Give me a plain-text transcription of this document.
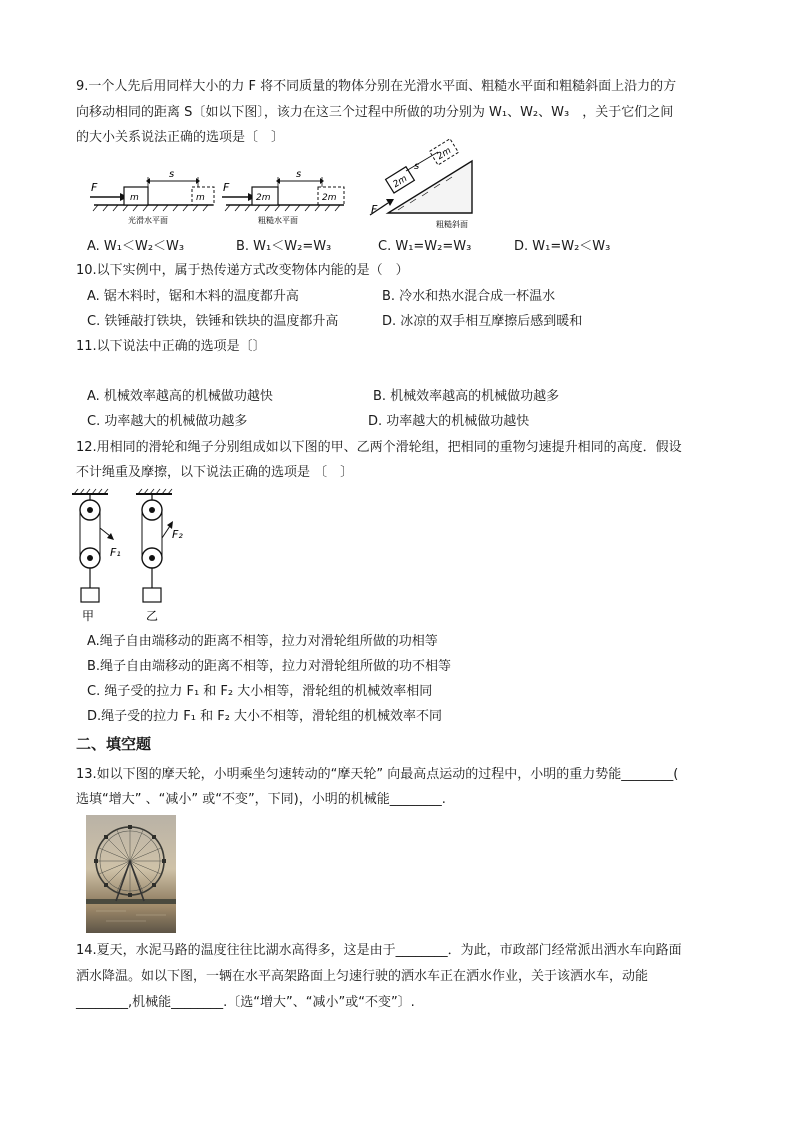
9.一个人先后用同样大小的力 F 将不同质量的物体分别在光滑水平面、粗糙水平面和粗糙斜面上沿力的方
向移动相同的距离 S〔如以下图〕，该力在这三个过程中所做的功分别为 W₁、W₂、W₃　，关于它们之间
的大小关系说法正确的选项是〔　〕
F
m
s
m
光滑水平面
F
2m
s
2m
粗糙水平面
F
2m
2m
s
粗糙斜面
A. W₁＜W₂＜W₃	B. W₁＜W₂=W₃	C. W₁=W₂=W₃	D. W₁=W₂＜W₃
10.以下实例中，属于热传递方式改变物体内能的是（　）
A. 锯木料时，锯和木料的温度都升高	B. 冷水和热水混合成一杯温水
C. 铁锤敲打铁块，铁锤和铁块的温度都升高	D. 冰凉的双手相互摩擦后感到暖和
11.以下说法中正确的选项是〔〕
A. 机械效率越高的机械做功越快	B. 机械效率越高的机械做功越多
C. 功率越大的机械做功越多	D. 功率越大的机械做功越快
12.用相同的滑轮和绳子分别组成如以下图的甲、乙两个滑轮组，把相同的重物匀速提升相同的高度．假设
不计绳重及摩擦，以下说法正确的选项是 〔　〕
F₁
甲
F₂
乙
A.绳子自由端移动的距离不相等，拉力对滑轮组所做的功相等
B.绳子自由端移动的距离不相等，拉力对滑轮组所做的功不相等
C. 绳子受的拉力 F₁ 和 F₂ 大小相等，滑轮组的机械效率相同
D.绳子受的拉力 F₁ 和 F₂ 大小不相等，滑轮组的机械效率不同
二、填空题
13.如以下图的摩天轮，小明乘坐匀速转动的“摩天轮” 向最高点运动的过程中，小明的重力势能________(
选填“增大” 、“减小” 或“不变”，下同)，小明的机械能________.
14.夏天，水泥马路的温度往往比湖水高得多，这是由于________．为此，市政部门经常派出洒水车向路面
洒水降温。如以下图，一辆在水平高架路面上匀速行驶的洒水车正在洒水作业，关于该洒水车，动能
________,机械能________.〔选“增大”、“减小”或“不变”〕.
